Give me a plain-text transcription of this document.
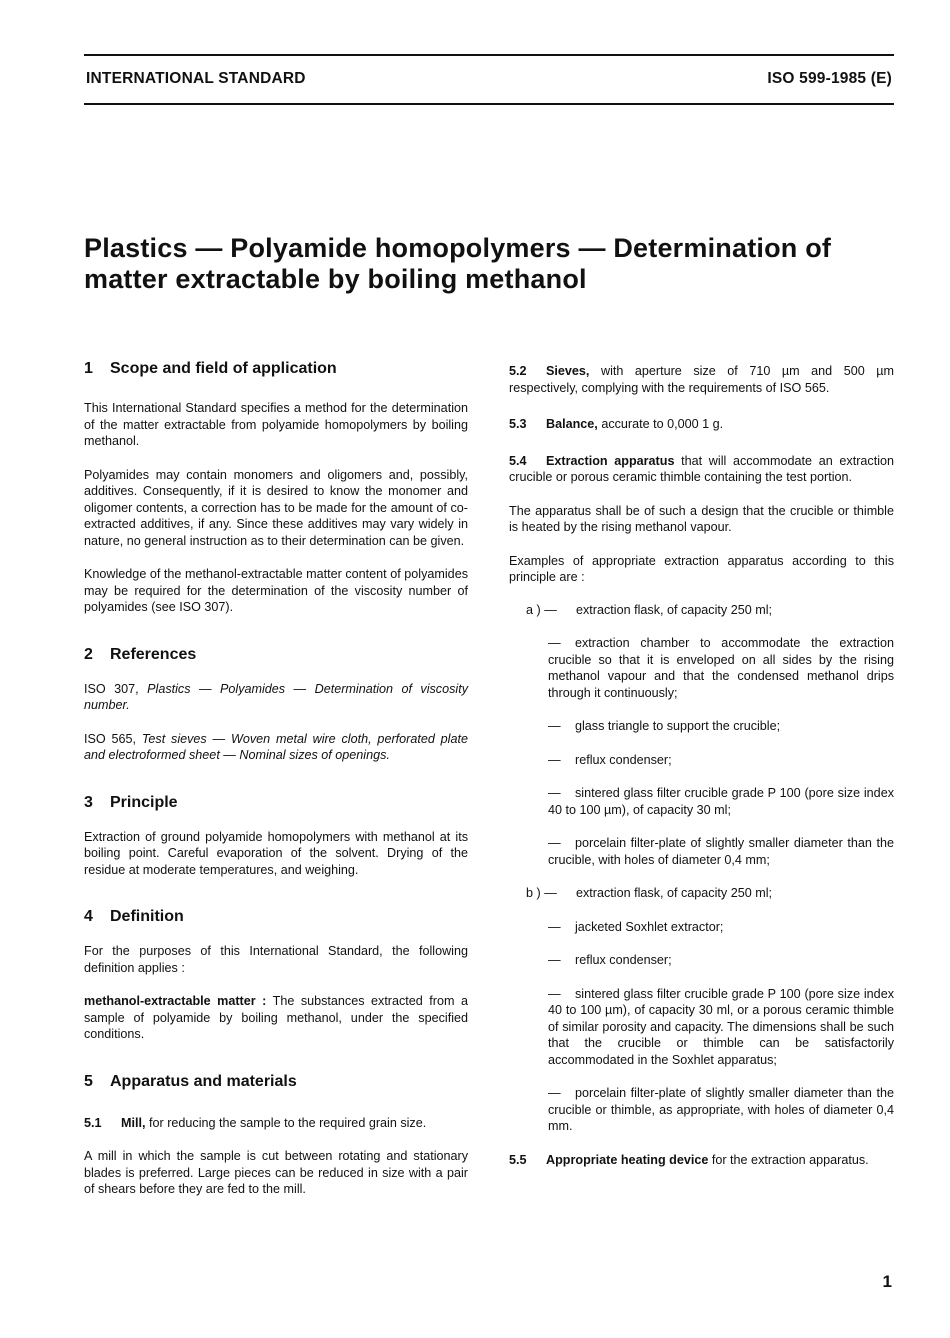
INTERNATIONAL STANDARD	ISO 599-1985 (E)
Plastics — Polyamide homopolymers — Determination of matter extractable by boiling methanol
1 Scope and field of application

This International Standard specifies a method for the determination of the matter extractable from polyamide homopolymers by boiling methanol.

Polyamides may contain monomers and oligomers and, possibly, additives. Consequently, if it is desired to know the monomer and oligomer contents, a correction has to be made for the amount of co-extracted additives, if any. Since these additives may vary widely in nature, no general instruction as to their determination can be given.

Knowledge of the methanol-extractable matter content of polyamides may be required for the determination of the viscosity number of polyamides (see ISO 307).

2 References

ISO 307, Plastics — Polyamides — Determination of viscosity number.

ISO 565, Test sieves — Woven metal wire cloth, perforated plate and electroformed sheet — Nominal sizes of openings.

3 Principle

Extraction of ground polyamide homopolymers with methanol at its boiling point. Careful evaporation of the solvent. Drying of the residue at moderate temperatures, and weighing.

4 Definition

For the purposes of this International Standard, the following definition applies :

methanol-extractable matter : The substances extracted from a sample of polyamide by boiling methanol, under the specified conditions.

5 Apparatus and materials

5.1 Mill, for reducing the sample to the required grain size.

A mill in which the sample is cut between rotating and stationary blades is preferred. Large pieces can be reduced in size with a pair of shears before they are fed to the mill.

5.2 Sieves, with aperture size of 710 µm and 500 µm respectively, complying with the requirements of ISO 565.

5.3 Balance, accurate to 0,000 1 g.

5.4 Extraction apparatus that will accommodate an extraction crucible or porous ceramic thimble containing the test portion.

The apparatus shall be of such a design that the crucible or thimble is heated by the rising methanol vapour.

Examples of appropriate extraction apparatus according to this principle are :

a ) — extraction flask, of capacity 250 ml;

— extraction chamber to accommodate the extraction crucible so that it is enveloped on all sides by the rising methanol vapour and that the condensed methanol drips through it continuously;

— glass triangle to support the crucible;

— reflux condenser;

— sintered glass filter crucible grade P 100 (pore size index 40 to 100 µm), of capacity 30 ml;

— porcelain filter-plate of slightly smaller diameter than the crucible, with holes of diameter 0,4 mm;

b ) — extraction flask, of capacity 250 ml;

— jacketed Soxhlet extractor;

— reflux condenser;

— sintered glass filter crucible grade P 100 (pore size index 40 to 100 µm), of capacity 30 ml, or a porous ceramic thimble of similar porosity and capacity. The dimensions shall be such that the crucible or thimble can be satisfactorily accommodated in the Soxhlet apparatus;

— porcelain filter-plate of slightly smaller diameter than the crucible or thimble, as appropriate, with holes of diameter 0,4 mm.

5.5 Appropriate heating device for the extraction apparatus.

1
